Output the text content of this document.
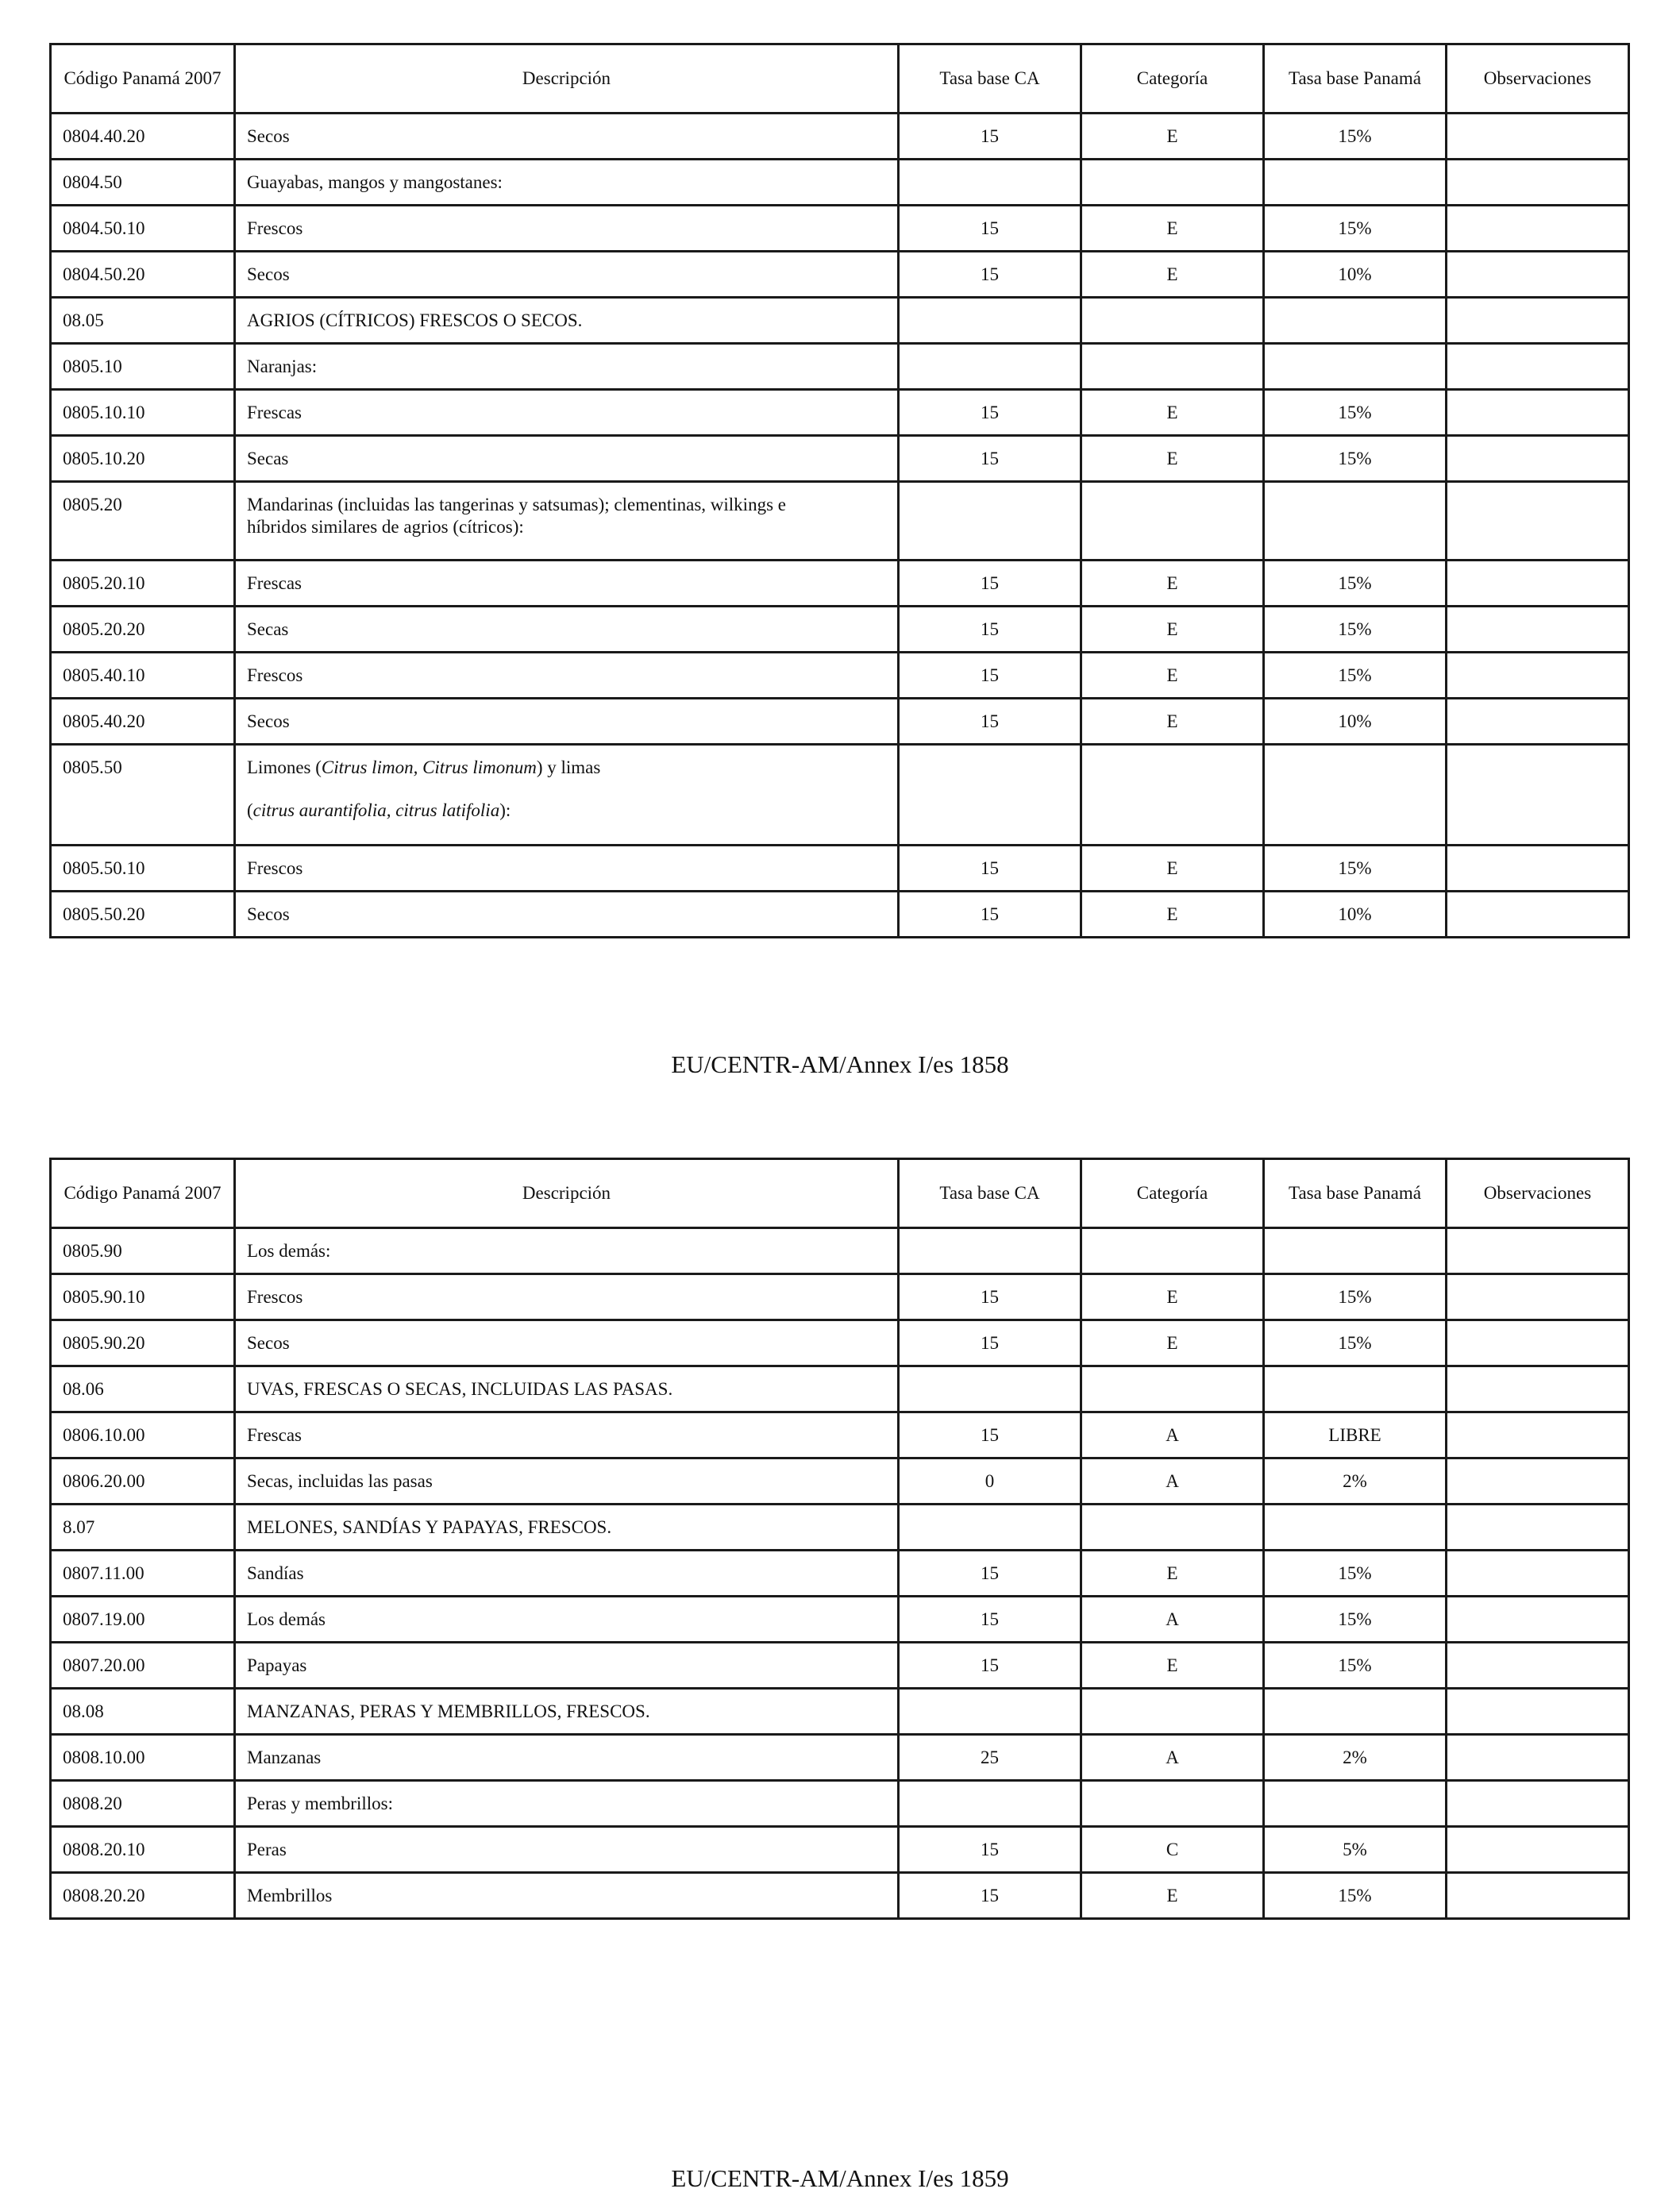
Código Panamá 2007	Descripción	Tasa base CA	Categoría	Tasa base Panamá	Observaciones
0804.40.20	Secos	15	E	15%	
0804.50	Guayabas, mangos y mangostanes:				
0804.50.10	Frescos	15	E	15%	
0804.50.20	Secos	15	E	10%	
08.05	AGRIOS (CÍTRICOS) FRESCOS O SECOS.				
0805.10	Naranjas:				
0805.10.10	Frescas	15	E	15%	
0805.10.20	Secas	15	E	15%	
0805.20	Mandarinas (incluidas las tangerinas y satsumas); clementinas, wilkings e
híbridos similares de agrios (cítricos):				

0805.20.10	Frescas	15	E	15%	
0805.20.20	Secas	15	E	15%	
0805.40.10	Frescos	15	E	15%	
0805.40.20	Secos	15	E	10%	
0805.50	Limones (Citrus limon, Citrus limonum) y limas
(citrus aurantifolia, citrus latifolia):				

0805.50.10	Frescos	15	E	15%	
0805.50.20	Secos	15	E	10%	
EU/CENTR-AM/Annex I/es 1858
Código Panamá 2007	Descripción	Tasa base CA	Categoría	Tasa base Panamá	Observaciones
0805.90	Los demás:				
0805.90.10	Frescos	15	E	15%	
0805.90.20	Secos	15	E	15%	
08.06	UVAS, FRESCAS O SECAS, INCLUIDAS LAS PASAS.				
0806.10.00	Frescas	15	A	LIBRE	
0806.20.00	Secas, incluidas las pasas	0	A	2%	
8.07	MELONES, SANDÍAS Y PAPAYAS, FRESCOS.				
0807.11.00	Sandías	15	E	15%	
0807.19.00	Los demás	15	A	15%	
0807.20.00	Papayas	15	E	15%	
08.08	MANZANAS, PERAS Y MEMBRILLOS, FRESCOS.				
0808.10.00	Manzanas	25	A	2%	
0808.20	Peras y membrillos:				
0808.20.10	Peras	15	C	5%	
0808.20.20	Membrillos	15	E	15%	
EU/CENTR-AM/Annex I/es 1859
